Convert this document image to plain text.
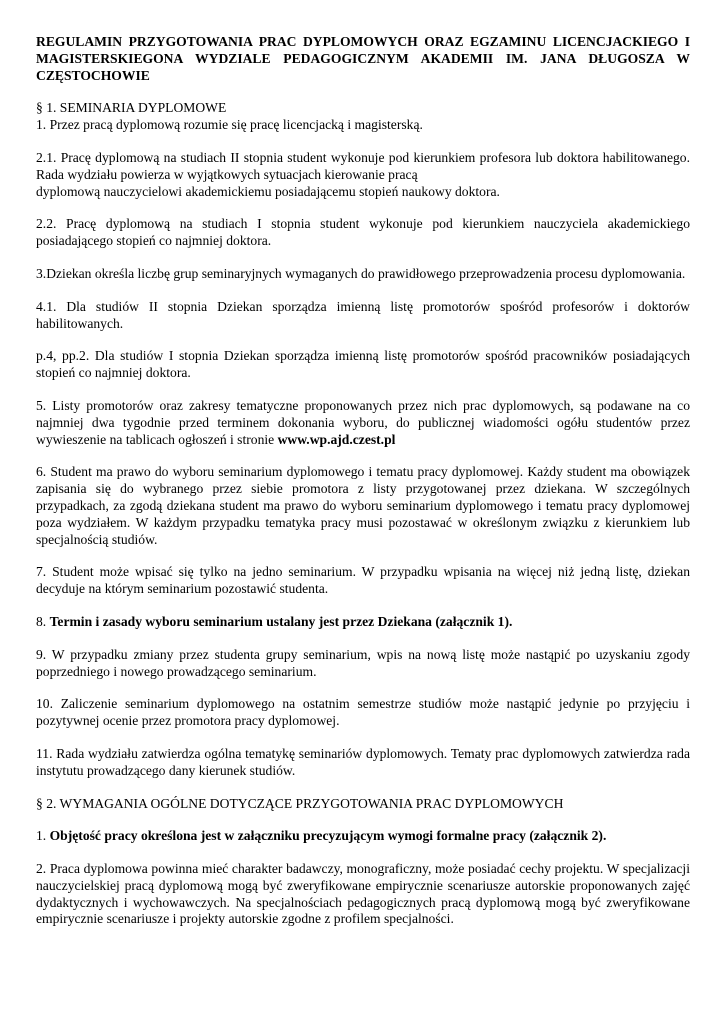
REGULAMIN PRZYGOTOWANIA PRAC DYPLOMOWYCH ORAZ EGZAMINU LICENCJACKIEGO I MAGISTERSKIEGONA WYDZIALE PEDAGOGICZNYM AKADEMII IM. JANA DŁUGOSZA W CZĘSTOCHOWIE

§ 1. SEMINARIA DYPLOMOWE

1. Przez pracą dyplomową rozumie się pracę licencjacką i magisterską.

2.1. Pracę dyplomową na studiach II stopnia student wykonuje pod kierunkiem profesora lub doktora habilitowanego. Rada wydziału powierza w wyjątkowych sytuacjach kierowanie pracą

dyplomową nauczycielowi akademickiemu posiadającemu stopień naukowy doktora.

2.2. Pracę dyplomową na studiach I stopnia student wykonuje pod kierunkiem nauczyciela akademickiego posiadającego stopień co najmniej doktora.

3.Dziekan określa liczbę grup seminaryjnych wymaganych do prawidłowego przeprowadzenia procesu dyplomowania.

4.1. Dla studiów II stopnia Dziekan sporządza imienną listę promotorów spośród profesorów i doktorów habilitowanych.

p.4, pp.2. Dla studiów I stopnia Dziekan sporządza imienną listę promotorów spośród pracowników posiadających stopień co najmniej doktora.

5. Listy promotorów oraz zakresy tematyczne proponowanych przez nich prac dyplomowych, są podawane na co najmniej dwa tygodnie przed terminem dokonania wyboru, do publicznej wiadomości ogółu studentów przez wywieszenie na tablicach ogłoszeń i stronie www.wp.ajd.czest.pl

6. Student ma prawo do wyboru seminarium dyplomowego i tematu pracy dyplomowej. Każdy student ma obowiązek zapisania się do wybranego przez siebie promotora z listy przygotowanej przez dziekana. W szczególnych przypadkach, za zgodą dziekana student ma prawo do wyboru seminarium dyplomowego i tematu pracy dyplomowej poza wydziałem. W każdym przypadku tematyka pracy musi pozostawać w określonym związku z kierunkiem lub specjalnością studiów.

7. Student może wpisać się tylko na jedno seminarium. W przypadku wpisania na więcej niż jedną listę, dziekan decyduje na którym seminarium pozostawić studenta.

8. Termin i zasady wyboru seminarium ustalany jest przez Dziekana (załącznik 1).

9. W przypadku zmiany przez studenta grupy seminarium, wpis na nową listę może nastąpić po uzyskaniu zgody poprzedniego i nowego prowadzącego seminarium.

10. Zaliczenie seminarium dyplomowego na ostatnim semestrze studiów może nastąpić jedynie po przyjęciu i pozytywnej ocenie przez promotora pracy dyplomowej.

11. Rada wydziału zatwierdza ogólna tematykę seminariów dyplomowych. Tematy prac dyplomowych zatwierdza rada instytutu prowadzącego dany kierunek studiów.

§ 2. WYMAGANIA OGÓLNE DOTYCZĄCE PRZYGOTOWANIA PRAC DYPLOMOWYCH

1. Objętość pracy określona jest w załączniku precyzującym wymogi formalne pracy (załącznik 2).

2. Praca dyplomowa powinna mieć charakter badawczy, monograficzny, może posiadać cechy projektu. W specjalizacji nauczycielskiej pracą dyplomową mogą być zweryfikowane empirycznie scenariusze autorskie proponowanych zajęć dydaktycznych i wychowawczych. Na specjalnościach pedagogicznych pracą dyplomową mogą być zweryfikowane empirycznie scenariusze i projekty autorskie zgodne z profilem specjalności.
